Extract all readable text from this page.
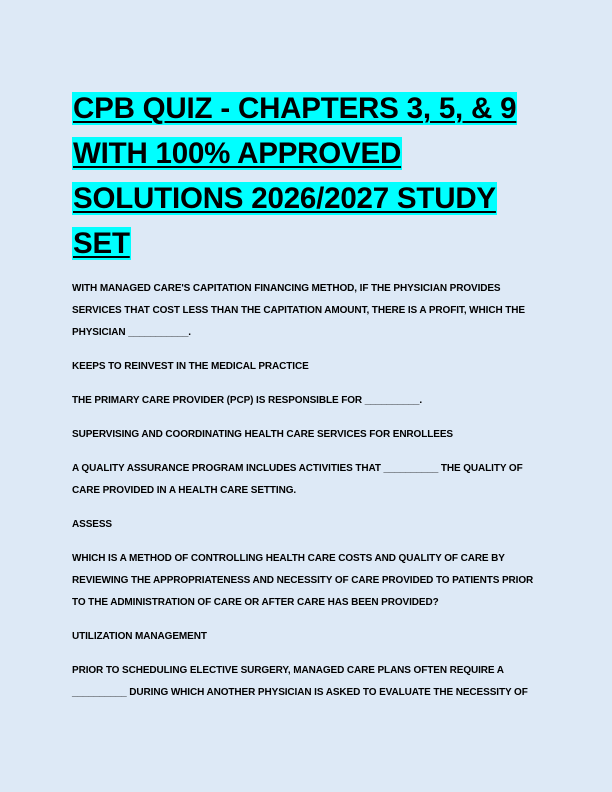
CPB QUIZ - CHAPTERS 3, 5, & 9 WITH 100% APPROVED SOLUTIONS 2026/2027 STUDY SET

WITH MANAGED CARE'S CAPITATION FINANCING METHOD, IF THE PHYSICIAN PROVIDES SERVICES THAT COST LESS THAN THE CAPITATION AMOUNT, THERE IS A PROFIT, WHICH THE PHYSICIAN ___________.

KEEPS TO REINVEST IN THE MEDICAL PRACTICE

THE PRIMARY CARE PROVIDER (PCP) IS RESPONSIBLE FOR __________.

SUPERVISING AND COORDINATING HEALTH CARE SERVICES FOR ENROLLEES

A QUALITY ASSURANCE PROGRAM INCLUDES ACTIVITIES THAT __________ THE QUALITY OF CARE PROVIDED IN A HEALTH CARE SETTING.

ASSESS

WHICH IS A METHOD OF CONTROLLING HEALTH CARE COSTS AND QUALITY OF CARE BY REVIEWING THE APPROPRIATENESS AND NECESSITY OF CARE PROVIDED TO PATIENTS PRIOR TO THE ADMINISTRATION OF CARE OR AFTER CARE HAS BEEN PROVIDED?

UTILIZATION MANAGEMENT

PRIOR TO SCHEDULING ELECTIVE SURGERY, MANAGED CARE PLANS OFTEN REQUIRE A __________ DURING WHICH ANOTHER PHYSICIAN IS ASKED TO EVALUATE THE NECESSITY OF
